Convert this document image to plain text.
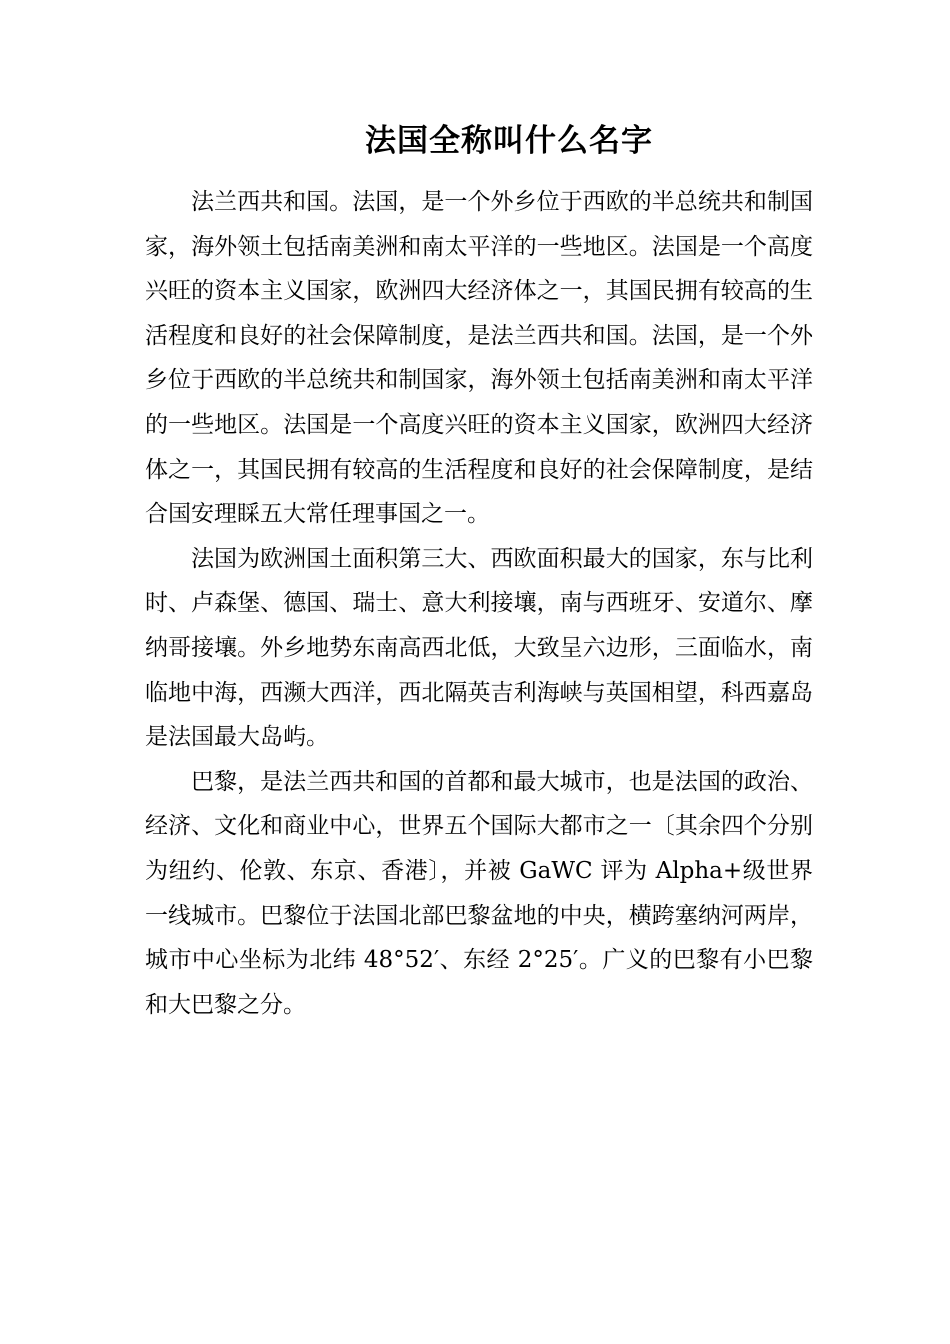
法国全称叫什么名字

法兰西共和国。法国，是一个外乡位于西欧的半总统共和制国家，海外领土包括南美洲和南太平洋的一些地区。法国是一个高度兴旺的资本主义国家，欧洲四大经济体之一，其国民拥有较高的生活程度和良好的社会保障制度，是法兰西共和国。法国，是一个外乡位于西欧的半总统共和制国家，海外领土包括南美洲和南太平洋的一些地区。法国是一个高度兴旺的资本主义国家，欧洲四大经济体之一，其国民拥有较高的生活程度和良好的社会保障制度，是结合国安理睬五大常任理事国之一。

法国为欧洲国土面积第三大、西欧面积最大的国家，东与比利时、卢森堡、德国、瑞士、意大利接壤，南与西班牙、安道尔、摩纳哥接壤。外乡地势东南高西北低，大致呈六边形，三面临水，南临地中海，西濒大西洋，西北隔英吉利海峡与英国相望，科西嘉岛是法国最大岛屿。

巴黎，是法兰西共和国的首都和最大城市，也是法国的政治、经济、文化和商业中心，世界五个国际大都市之一〔其余四个分别为纽约、伦敦、东京、香港〕，并被 GaWC 评为 Alpha+级世界一线城市。巴黎位于法国北部巴黎盆地的中央，横跨塞纳河两岸，城市中心坐标为北纬 48°52′、东经 2°25′。广义的巴黎有小巴黎和大巴黎之分。
